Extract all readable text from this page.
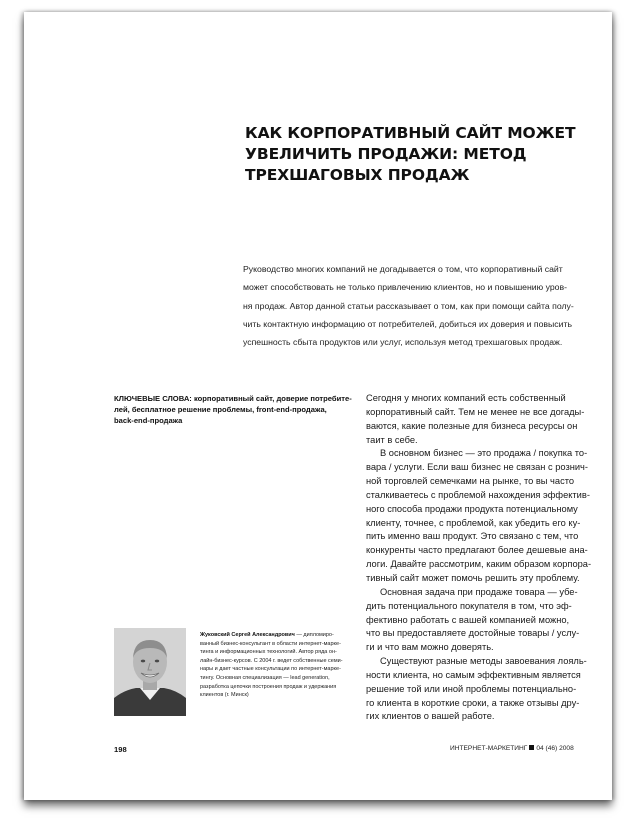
КАК КОРПОРАТИВНЫЙ САЙТ МОЖЕТ
УВЕЛИЧИТЬ ПРОДАЖИ: МЕТОД
ТРЕХШАГОВЫХ ПРОДАЖ

Руководство многих компаний не догадывается о том, что корпоративный сайт
может способствовать не только привлечению клиентов, но и повышению уров-
ня продаж. Автор данной статьи рассказывает о том, как при помощи сайта полу-
чить контактную информацию от потребителей, добиться их доверия и повысить
успешность сбыта продуктов или услуг, используя метод трехшаговых продаж.

КЛЮЧЕВЫЕ СЛОВА: корпоративный сайт, доверие потребите-
лей, бесплатное решение проблемы, front-end-продажа,
back-end-продажа

Сегодня у многих компаний есть собственный
корпоративный сайт. Тем не менее не все догады-
ваются, какие полезные для бизнеса ресурсы он
таит в себе.
В основном бизнес — это продажа / покупка то-
вара / услуги. Если ваш бизнес не связан с рознич-
ной торговлей семечками на рынке, то вы часто
сталкиваетесь с проблемой нахождения эффектив-
ного способа продажи продукта потенциальному
клиенту, точнее, с проблемой, как убедить его ку-
пить именно ваш продукт. Это связано с тем, что
конкуренты часто предлагают более дешевые ана-
логи. Давайте рассмотрим, каким образом корпора-
тивный сайт может помочь решить эту проблему.
Основная задача при продаже товара — убе-
дить потенциального покупателя в том, что эф-
фективно работать с вашей компанией можно,
что вы предоставляете достойные товары / услу-
ги и что вам можно доверять.
Существуют разные методы завоевания лояль-
ности клиента, но самым эффективным является
решение той или иной проблемы потенциально-
го клиента в короткие сроки, а также отзывы дру-
гих клиентов о вашей работе.

Жуковский Сергей Александрович — дипломиро-
ванный бизнес-консультант в области интернет-марке-
тинга и информационных технологий. Автор ряда он-
лайн-бизнес-курсов. С 2004 г. ведет собственные семи-
нары и дает частные консультации по интернет-марке-
тингу. Основная специализация — lead generation,
разработка цепочки построения продаж и удержания
клиентов (г. Минск)

198	ИНТЕРНЕТ-МАРКЕТИНГ 04 (46) 2008
